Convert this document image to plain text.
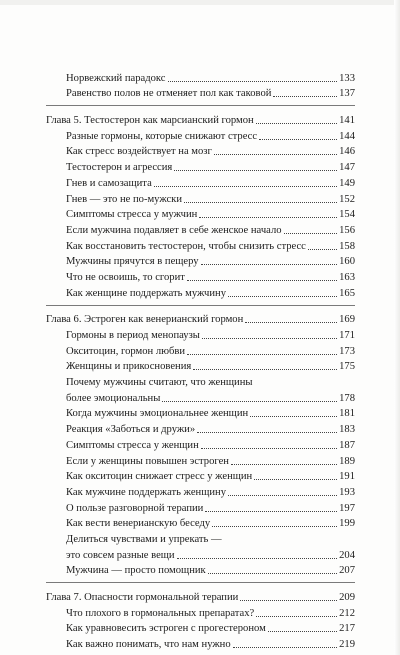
Норвежский парадокс	133
Равенство полов не отменяет пол как таковой	137
Глава 5. Тестостерон как марсианский гормон	141
Разные гормоны, которые снижают стресс	144
Как стресс воздействует на мозг	146
Тестостерон и агрессия	147
Гнев и самозащита	149
Гнев — это не по-мужски	152
Симптомы стресса у мужчин	154
Если мужчина подавляет в себе женское начало	156
Как восстановить тестостерон, чтобы снизить стресс	158
Мужчины прячутся в пещеру	160
Что не освоишь, то сгорит	163
Как женщине поддержать мужчину	165
Глава 6. Эстроген как венерианский гормон	169
Гормоны в период менопаузы	171
Окситоцин, гормон любви	173
Женщины и прикосновения	175
Почему мужчины считают, что женщины
более эмоциональны	178
Когда мужчины эмоциональнее женщин	181
Реакция «Заботься и дружи»	183
Симптомы стресса у женщин	187
Если у женщины повышен эстроген	189
Как окситоцин снижает стресс у женщин	191
Как мужчине поддержать женщину	193
О пользе разговорной терапии	197
Как вести венерианскую беседу	199
Делиться чувствами и упрекать —
это совсем разные вещи	204
Мужчина — просто помощник	207
Глава 7. Опасности гормональной терапии	209
Что плохого в гормональных препаратах?	212
Как уравновесить эстроген с прогестероном	217
Как важно понимать, что нам нужно	219
